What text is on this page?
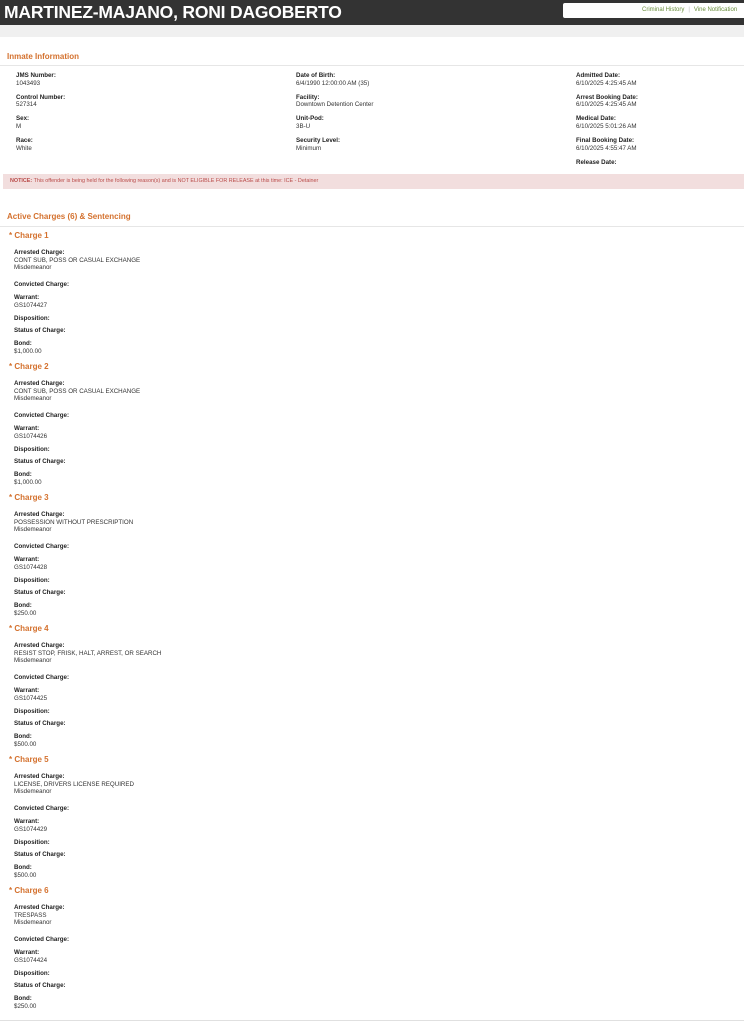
MARTINEZ-MAJANO, RONI DAGOBERTO	Criminal History | Vine Notification
Inmate Information
JMS Number:
1043493
Control Number:
527314
Sex:
M
Race:
White
Date of Birth:
6/4/1990 12:00:00 AM (35)
Facility:
Downtown Detention Center
Unit-Pod:
3B-U
Security Level:
Minimum
Admitted Date:
6/10/2025 4:25:45 AM
Arrest Booking Date:
6/10/2025 4:25:45 AM
Medical Date:
6/10/2025 5:01:26 AM
Final Booking Date:
6/10/2025 4:55:47 AM
Release Date:
NOTICE: This offender is being held for the following reason(s) and is NOT ELIGIBLE FOR RELEASE at this time: ICE - Detainer
Active Charges (6) & Sentencing
* Charge 1
Arrested Charge:
CONT SUB, POSS OR CASUAL EXCHANGE
Misdemeanor
Convicted Charge:
Warrant:
GS1074427
Disposition:
Status of Charge:
Bond:
$1,000.00
* Charge 2
Arrested Charge:
CONT SUB, POSS OR CASUAL EXCHANGE
Misdemeanor
Convicted Charge:
Warrant:
GS1074426
Disposition:
Status of Charge:
Bond:
$1,000.00
* Charge 3
Arrested Charge:
POSSESSION WITHOUT PRESCRIPTION
Misdemeanor
Convicted Charge:
Warrant:
GS1074428
Disposition:
Status of Charge:
Bond:
$250.00
* Charge 4
Arrested Charge:
RESIST STOP, FRISK, HALT, ARREST, OR SEARCH
Misdemeanor
Convicted Charge:
Warrant:
GS1074425
Disposition:
Status of Charge:
Bond:
$500.00
* Charge 5
Arrested Charge:
LICENSE, DRIVERS LICENSE REQUIRED
Misdemeanor
Convicted Charge:
Warrant:
GS1074429
Disposition:
Status of Charge:
Bond:
$500.00
* Charge 6
Arrested Charge:
TRESPASS
Misdemeanor
Convicted Charge:
Warrant:
GS1074424
Disposition:
Status of Charge:
Bond:
$250.00
